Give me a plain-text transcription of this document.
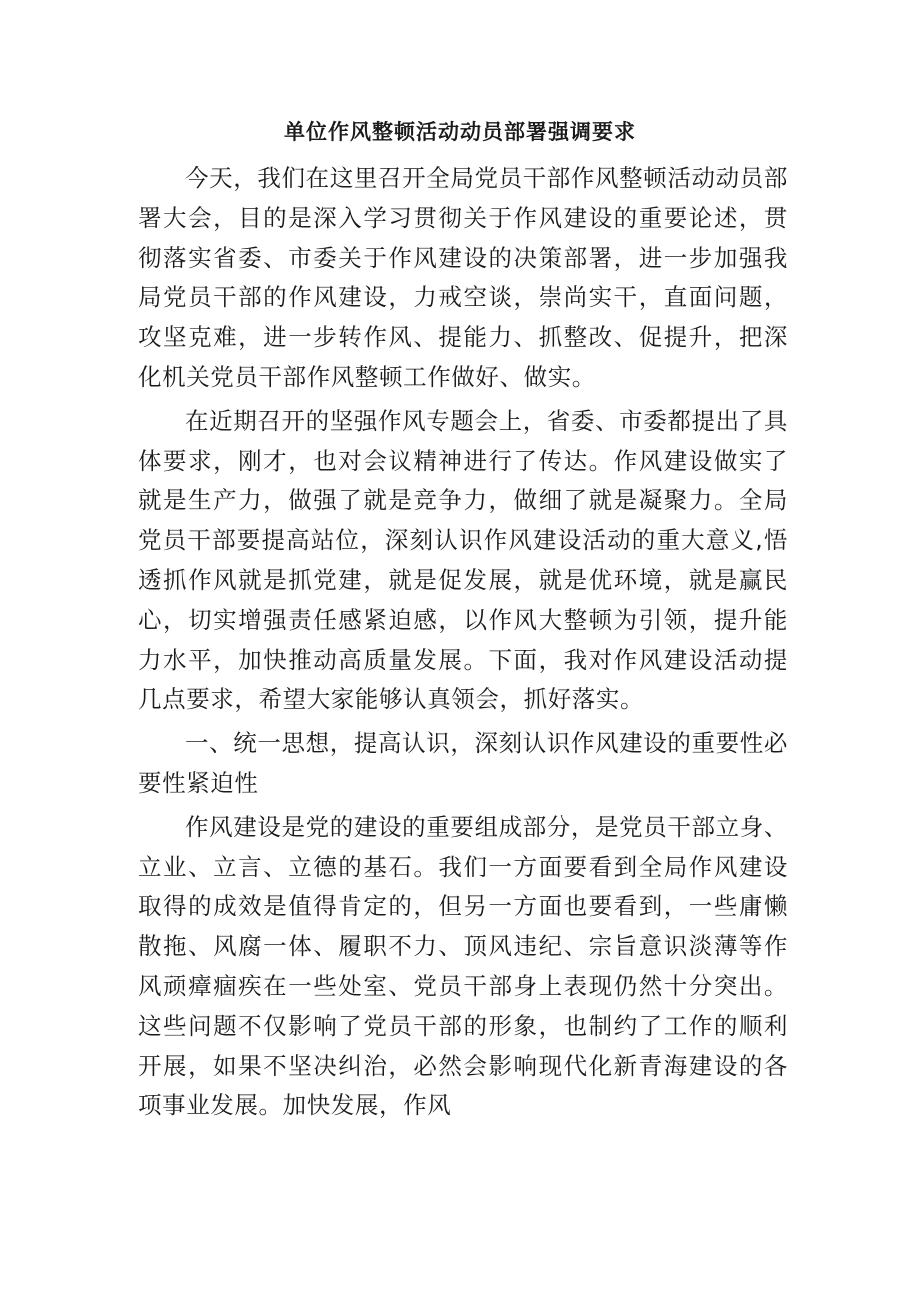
单位作风整顿活动动员部署强调要求

今天，我们在这里召开全局党员干部作风整顿活动动员部署大会，目的是深入学习贯彻关于作风建设的重要论述，贯彻落实省委、市委关于作风建设的决策部署，进一步加强我局党员干部的作风建设，力戒空谈，崇尚实干，直面问题，攻坚克难，进一步转作风、提能力、抓整改、促提升，把深化机关党员干部作风整顿工作做好、做实。

在近期召开的坚强作风专题会上，省委、市委都提出了具体要求，刚才，也对会议精神进行了传达。作风建设做实了就是生产力，做强了就是竞争力，做细了就是凝聚力。全局党员干部要提高站位，深刻认识作风建设活动的重大意义,悟透抓作风就是抓党建，就是促发展，就是优环境，就是赢民心，切实增强责任感紧迫感，以作风大整顿为引领，提升能力水平，加快推动高质量发展。下面，我对作风建设活动提几点要求，希望大家能够认真领会，抓好落实。

一、统一思想，提高认识，深刻认识作风建设的重要性必要性紧迫性

作风建设是党的建设的重要组成部分，是党员干部立身、立业、立言、立德的基石。我们一方面要看到全局作风建设取得的成效是值得肯定的，但另一方面也要看到，一些庸懒散拖、风腐一体、履职不力、顶风违纪、宗旨意识淡薄等作风顽瘴痼疾在一些处室、党员干部身上表现仍然十分突出。这些问题不仅影响了党员干部的形象，也制约了工作的顺利开展，如果不坚决纠治，必然会影响现代化新青海建设的各项事业发展。加快发展，作风
